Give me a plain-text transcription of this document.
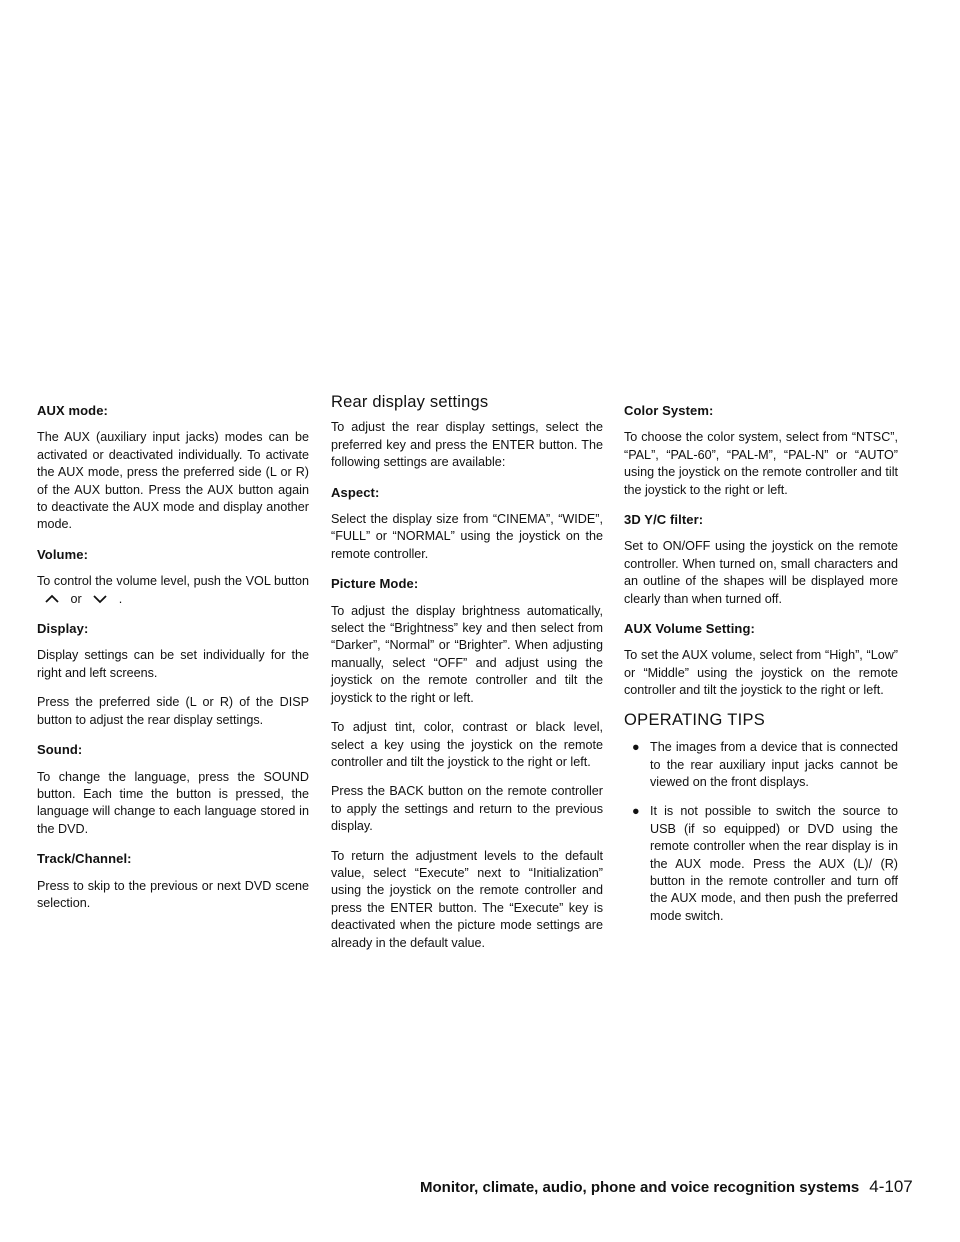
AUX mode:

The AUX (auxiliary input jacks) modes can be activated or deactivated individually. To activate the AUX mode, press the preferred side (L or R) of the AUX button. Press the AUX button again to deactivate the AUX mode and display another mode.

Volume:

To control the volume level, push the VOL button
or	.

Display:

Display settings can be set individually for the right and left screens.

Press the preferred side (L or R) of the DISP button to adjust the rear display settings.

Sound:

To change the language, press the SOUND button. Each time the button is pressed, the language will change to each language stored in the DVD.

Track/Channel:

Press to skip to the previous or next DVD scene selection.

Rear display settings

To adjust the rear display settings, select the preferred key and press the ENTER button. The following settings are available:

Aspect:

Select the display size from “CINEMA”, “WIDE”, “FULL” or “NORMAL” using the joystick on the remote controller.

Picture Mode:

To adjust the display brightness automatically, select the “Brightness” key and then select from “Darker”, “Normal” or “Brighter”. When adjusting manually, select “OFF” and adjust using the joystick on the remote controller and tilt the joystick to the right or left.

To adjust tint, color, contrast or black level, select a key using the joystick on the remote controller and tilt the joystick to the right or left.

Press the BACK button on the remote controller to apply the settings and return to the previous display.

To return the adjustment levels to the default value, select “Execute” next to “Initialization” using the joystick on the remote controller and press the ENTER button. The “Execute” key is deactivated when the picture mode settings are already in the default value.

Color System:

To choose the color system, select from “NTSC”, “PAL”, “PAL-60”, “PAL-M”, “PAL-N” or “AUTO” using the joystick on the remote controller and tilt the joystick to the right or left.

3D Y/C filter:

Set to ON/OFF using the joystick on the remote controller. When turned on, small characters and an outline of the shapes will be displayed more clearly than when turned off.

AUX Volume Setting:

To set the AUX volume, select from “High”, “Low” or “Middle” using the joystick on the remote controller and tilt the joystick to the right or left.

OPERATING TIPS
● The images from a device that is connected to the rear auxiliary input jacks cannot be viewed on the front displays.
● It is not possible to switch the source to USB (if so equipped) or DVD using the remote controller when the rear display is in the AUX mode. Press the AUX (L)/ (R) button in the remote controller and turn off the AUX mode, and then push the preferred mode switch.
Monitor, climate, audio, phone and voice recognition systems 4-107
